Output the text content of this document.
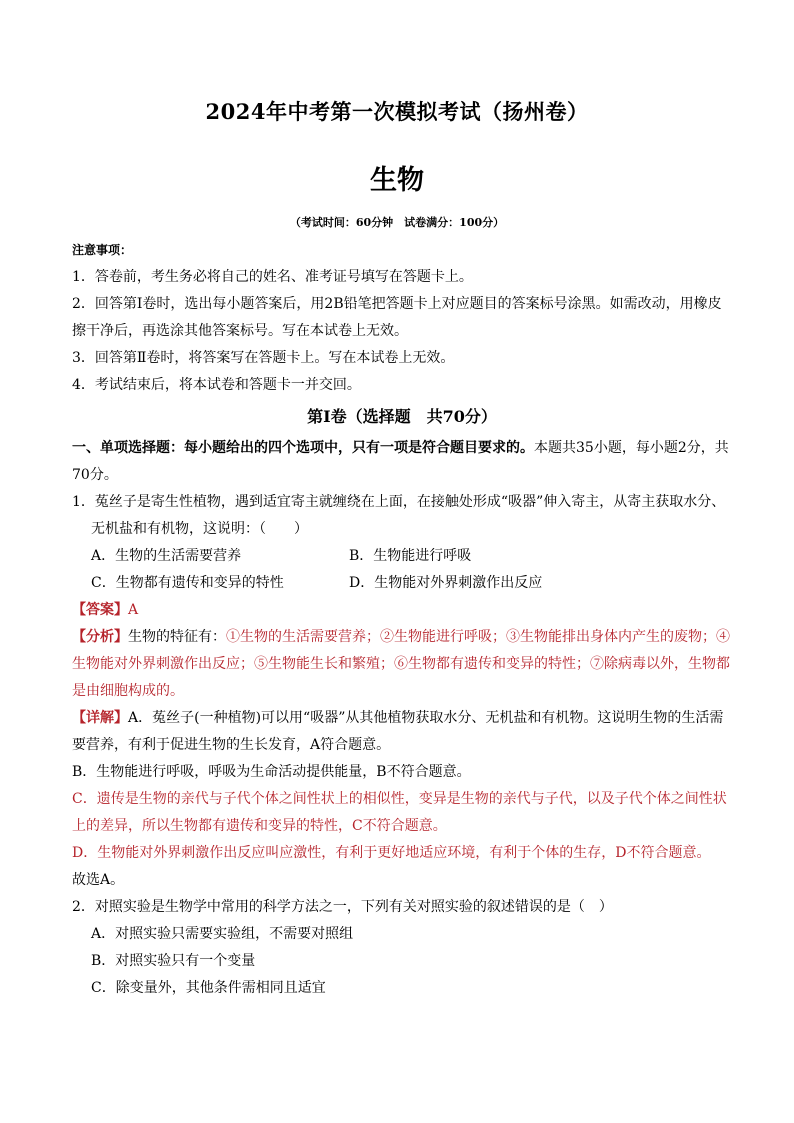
2024年中考第一次模拟考试（扬州卷）
生物
（考试时间：60分钟　试卷满分：100分）

注意事项：

1．答卷前，考生务必将自己的姓名、准考证号填写在答题卡上。

2．回答第Ⅰ卷时，选出每小题答案后，用2B铅笔把答题卡上对应题目的答案标号涂黑。如需改动，用橡皮擦干净后，再选涂其他答案标号。写在本试卷上无效。

3．回答第Ⅱ卷时，将答案写在答题卡上。写在本试卷上无效。

4．考试结束后，将本试卷和答题卡一并交回。

第Ⅰ卷（选择题　共70分）

一、单项选择题：每小题给出的四个选项中，只有一项是符合题目要求的。本题共35小题，每小题2分，共70分。

1．菟丝子是寄生性植物，遇到适宜寄主就缠绕在上面，在接触处形成“吸器”伸入寄主，从寄主获取水分、无机盐和有机物，这说明：（　　）

A．生物的生活需要营养	B．生物能进行呼吸
C．生物都有遗传和变异的特性	D．生物能对外界刺激作出反应

【答案】A

【分析】生物的特征有：①生物的生活需要营养；②生物能进行呼吸；③生物能排出身体内产生的废物；④生物能对外界刺激作出反应；⑤生物能生长和繁殖；⑥生物都有遗传和变异的特性；⑦除病毒以外，生物都是由细胞构成的。

【详解】A．菟丝子(一种植物)可以用“吸器”从其他植物获取水分、无机盐和有机物。这说明生物的生活需要营养，有利于促进生物的生长发育，A符合题意。

B．生物能进行呼吸，呼吸为生命活动提供能量，B不符合题意。

C．遗传是生物的亲代与子代个体之间性状上的相似性，变异是生物的亲代与子代，以及子代个体之间性状上的差异，所以生物都有遗传和变异的特性，C不符合题意。

D．生物能对外界刺激作出反应叫应激性，有利于更好地适应环境，有利于个体的生存，D不符合题意。

故选A。

2．对照实验是生物学中常用的科学方法之一，下列有关对照实验的叙述错误的是（　）

A．对照实验只需要实验组，不需要对照组

B．对照实验只有一个变量

C．除变量外，其他条件需相同且适宜
